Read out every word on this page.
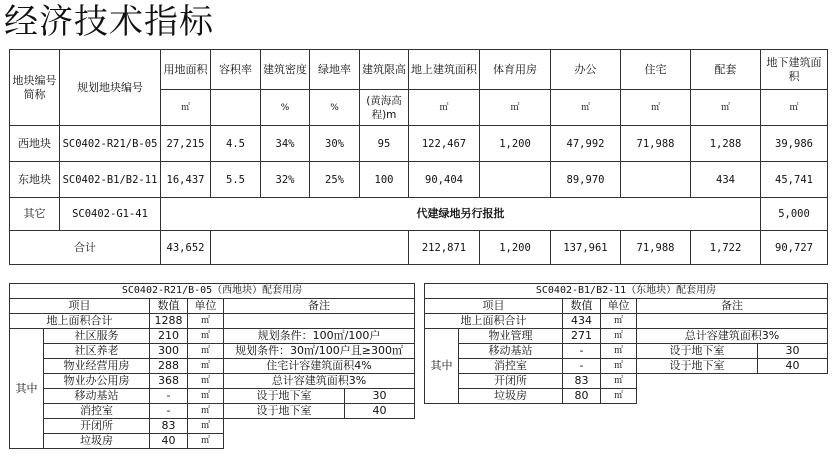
经济技术指标
地块编号简称	规划地块编号	用地面积	容积率	建筑密度	绿地率	建筑限高	地上建筑面积	体育用房	办公	住宅	配套	地下建筑面积
		㎡		%	%	(黄海高程)m	㎡	㎡	㎡	㎡	㎡	㎡
西地块	SC0402-R21/B-05	27,215	4.5	34%	30%	95	122,467	1,200	47,992	71,988	1,288	39,986
东地块	SC0402-B1/B2-11	16,437	5.5	32%	25%	100	90,404		89,970		434	45,741
其它	SC0402-G1-41	代建绿地另行报批										5,000
合计		43,652					212,871	1,200	137,961	71,988	1,722	90,727
SC0402-R21/B-05（西地块）配套用房					
项目		数值	单位	备注	
地上面积合计		1288	㎡		
其中	社区服务	210	㎡	规划条件：100㎡/100户	
	社区养老	300	㎡	规划条件：30㎡/100户且≥300㎡	
	物业经营用房	288	㎡	住宅计容建筑面积4%	
	物业办公用房	368	㎡	总计容建筑面积3%	
	移动基站	-	㎡	设于地下室	30
	消控室	-	㎡	设于地下室	40
	开闭所	83	㎡		
	垃圾房	40	㎡		
SC0402-B1/B2-11（东地块）配套用房					
项目		数值	单位	备注	
地上面积合计		434	㎡		
其中	物业管理	271	㎡	总计容建筑面积3%	
	移动基站	-	㎡	设于地下室	30
	消控室	-	㎡	设于地下室	40
	开闭所	83	㎡		
	垃圾房	80	㎡		
